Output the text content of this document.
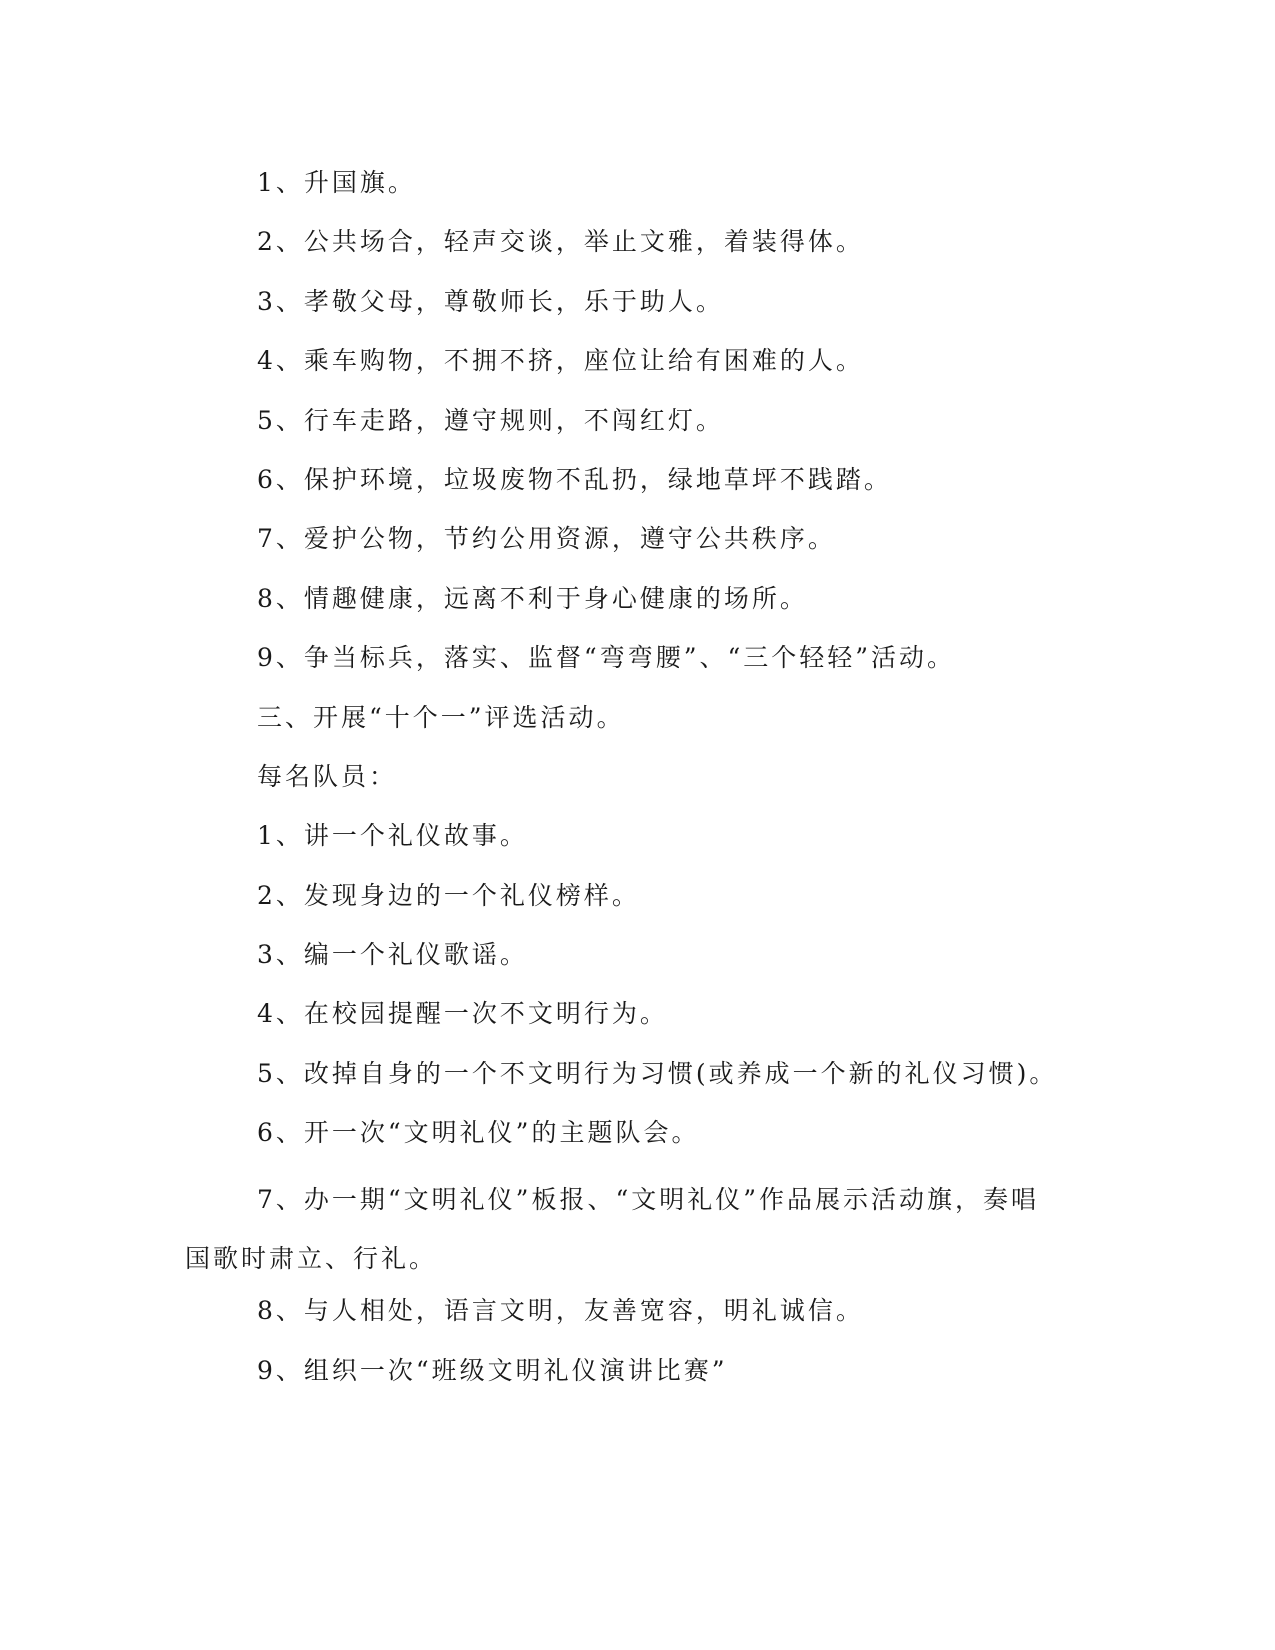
1、升国旗。
2、公共场合，轻声交谈，举止文雅，着装得体。
3、孝敬父母，尊敬师长，乐于助人。
4、乘车购物，不拥不挤，座位让给有困难的人。
5、行车走路，遵守规则，不闯红灯。
6、保护环境，垃圾废物不乱扔，绿地草坪不践踏。
7、爱护公物，节约公用资源，遵守公共秩序。
8、情趣健康，远离不利于身心健康的场所。
9、争当标兵，落实、监督“弯弯腰”、“三个轻轻”活动。
三、开展“十个一”评选活动。
每名队员：
1、讲一个礼仪故事。
2、发现身边的一个礼仪榜样。
3、编一个礼仪歌谣。
4、在校园提醒一次不文明行为。
5、改掉自身的一个不文明行为习惯(或养成一个新的礼仪习惯)。
6、开一次“文明礼仪”的主题队会。
7、办一期“文明礼仪”板报、“文明礼仪”作品展示活动旗，奏唱国歌时肃立、行礼。
8、与人相处，语言文明，友善宽容，明礼诚信。
9、组织一次“班级文明礼仪演讲比赛”
